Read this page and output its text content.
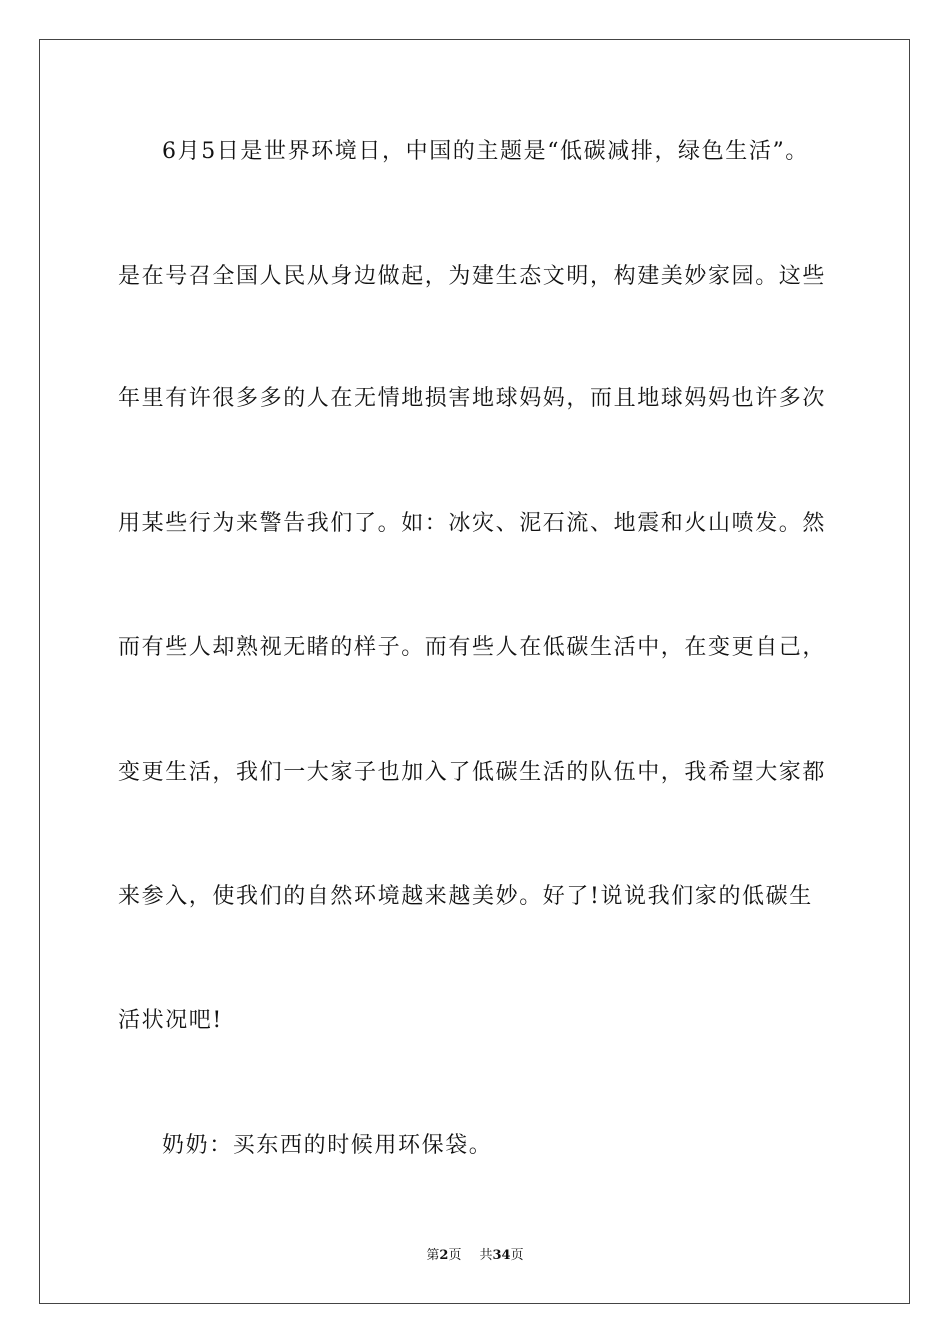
6月5日是世界环境日，中国的主题是“低碳减排，绿色生活”。
是在号召全国人民从身边做起，为建生态文明，构建美妙家园。这些
年里有许很多多的人在无情地损害地球妈妈，而且地球妈妈也许多次
用某些行为来警告我们了。如：冰灾、泥石流、地震和火山喷发。然
而有些人却熟视无睹的样子。而有些人在低碳生活中，在变更自己，
变更生活，我们一大家子也加入了低碳生活的队伍中，我希望大家都
来参入，使我们的自然环境越来越美妙。好了!说说我们家的低碳生
活状况吧!
奶奶：买东西的时候用环保袋。
第2页 共34页
